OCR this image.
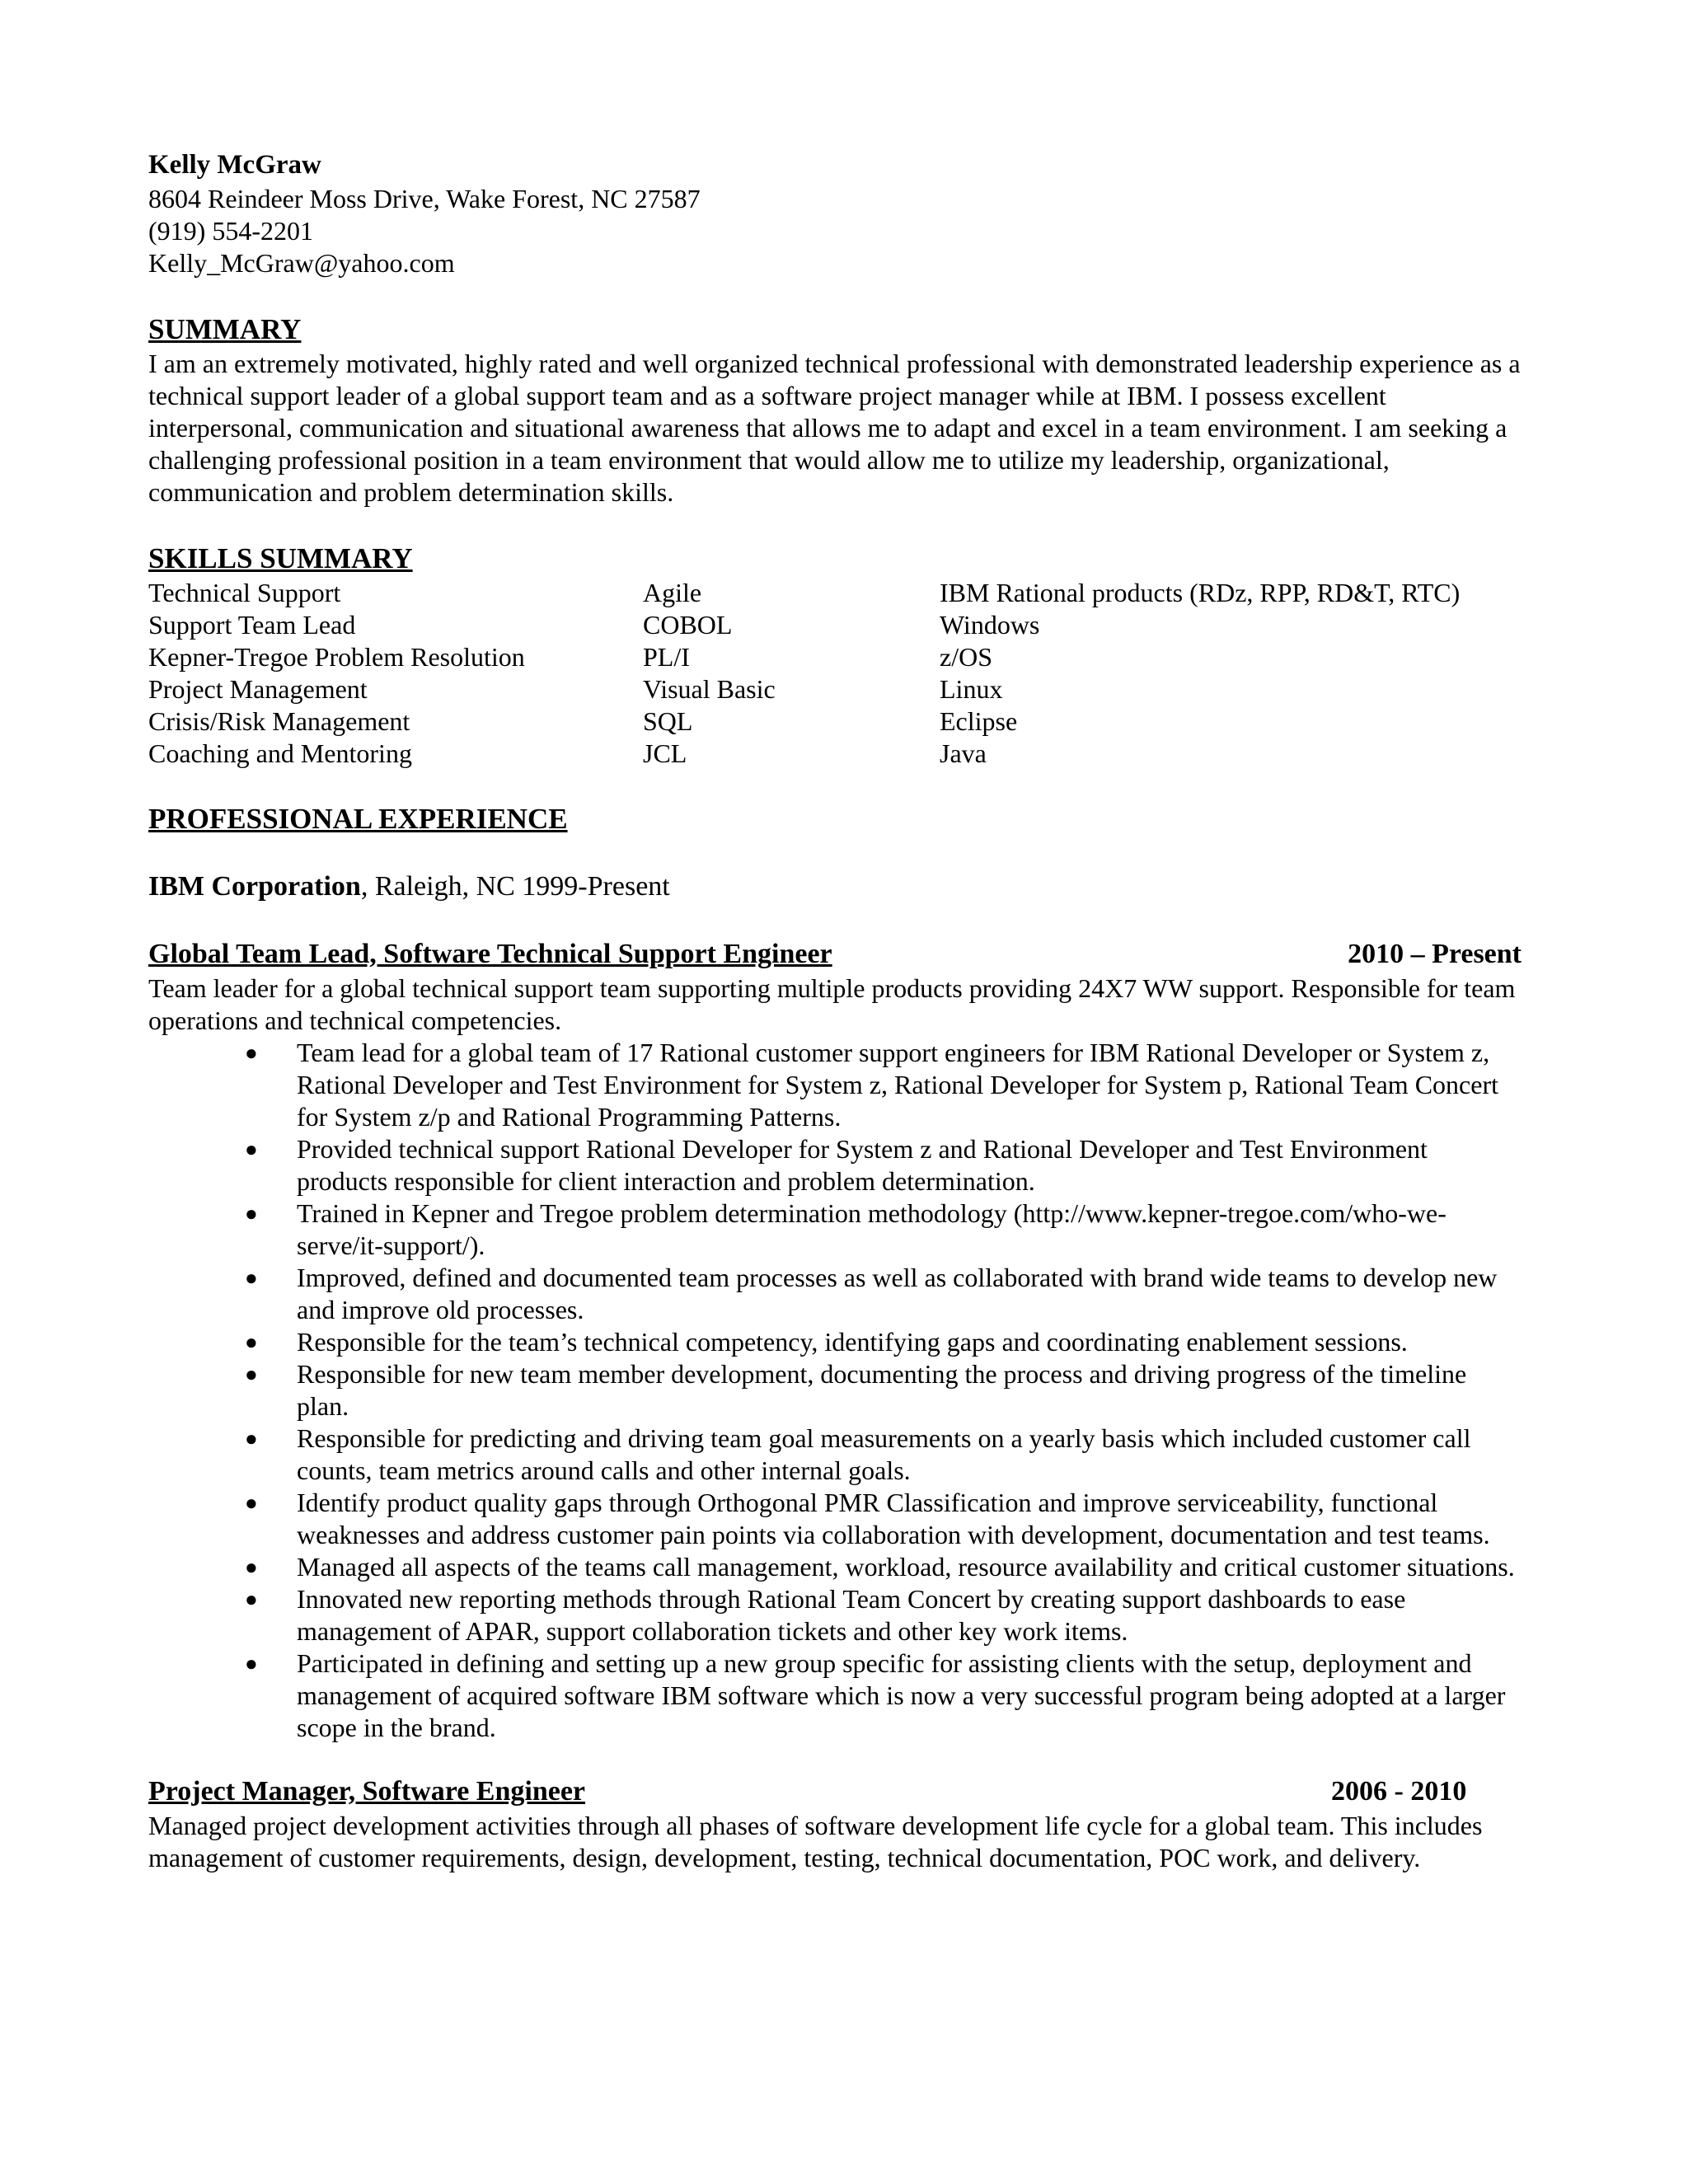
Kelly McGraw

8604 Reindeer Moss Drive, Wake Forest, NC 27587

(919) 554-2201

Kelly_McGraw@yahoo.com

SUMMARY

I am an extremely motivated, highly rated and well organized technical professional with demonstrated leadership experience as a technical support leader of a global support team and as a software project manager while at IBM. I possess excellent interpersonal, communication and situational awareness that allows me to adapt and excel in a team environment. I am seeking a challenging professional position in a team environment that would allow me to utilize my leadership, organizational, communication and problem determination skills.

SKILLS SUMMARY
Technical Support	Agile	IBM Rational products (RDz, RPP, RD&T, RTC)
Support Team Lead	COBOL	Windows
Kepner-Tregoe Problem Resolution	PL/I	z/OS
Project Management	Visual Basic	Linux
Crisis/Risk Management	SQL	Eclipse
Coaching and Mentoring	JCL	Java
PROFESSIONAL EXPERIENCE
IBM Corporation, Raleigh, NC 1999-Present
Global Team Lead, Software Technical Support Engineer	2010 – Present

Team leader for a global technical support team supporting multiple products providing 24X7 WW support. Responsible for team operations and technical competencies.

● Team lead for a global team of 17 Rational customer support engineers for IBM Rational Developer or System z, Rational Developer and Test Environment for System z, Rational Developer for System p, Rational Team Concert for System z/p and Rational Programming Patterns.
● Provided technical support Rational Developer for System z and Rational Developer and Test Environment products responsible for client interaction and problem determination.
● Trained in Kepner and Tregoe problem determination methodology (http://www.kepner-tregoe.com/who-we-serve/it-support/).
● Improved, defined and documented team processes as well as collaborated with brand wide teams to develop new and improve old processes.
● Responsible for the team’s technical competency, identifying gaps and coordinating enablement sessions.
● Responsible for new team member development, documenting the process and driving progress of the timeline plan.
● Responsible for predicting and driving team goal measurements on a yearly basis which included customer call counts, team metrics around calls and other internal goals.
● Identify product quality gaps through Orthogonal PMR Classification and improve serviceability, functional weaknesses and address customer pain points via collaboration with development, documentation and test teams.
● Managed all aspects of the teams call management, workload, resource availability and critical customer situations.
● Innovated new reporting methods through Rational Team Concert by creating support dashboards to ease management of APAR, support collaboration tickets and other key work items.
● Participated in defining and setting up a new group specific for assisting clients with the setup, deployment and management of acquired software IBM software which is now a very successful program being adopted at a larger scope in the brand.
Project Manager, Software Engineer	2006 - 2010

Managed project development activities through all phases of software development life cycle for a global team. This includes management of customer requirements, design, development, testing, technical documentation, POC work, and delivery.
